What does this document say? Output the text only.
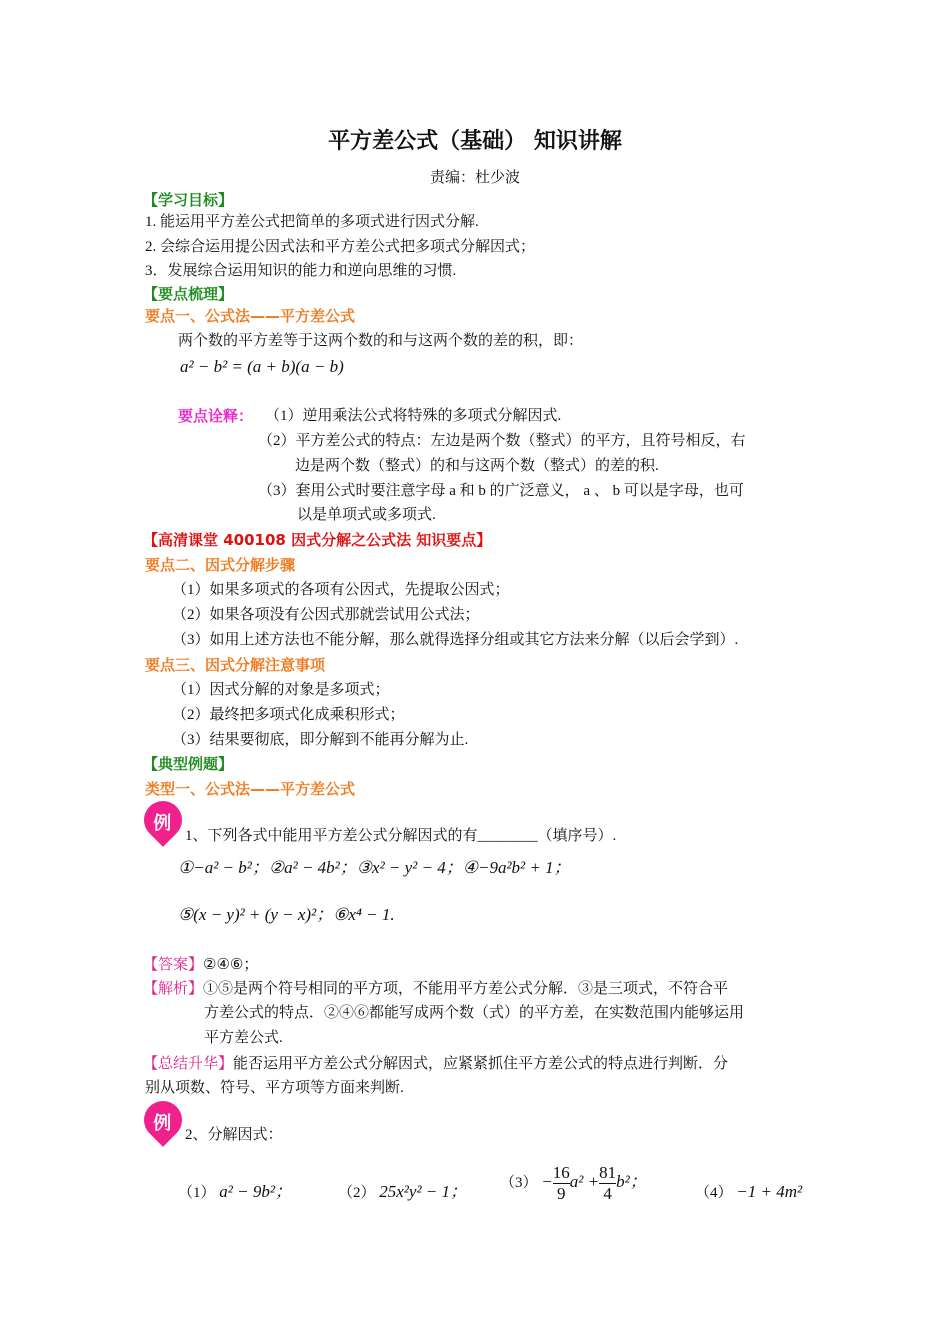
平方差公式（基础） 知识讲解
责编：杜少波
【学习目标】
1. 能运用平方差公式把简单的多项式进行因式分解.
2. 会综合运用提公因式法和平方差公式把多项式分解因式；
3．发展综合运用知识的能力和逆向思维的习惯.
【要点梳理】
要点一、公式法——平方差公式
两个数的平方差等于这两个数的和与这两个数的差的积，即：
a² − b² = (a + b)(a − b)
要点诠释： （1）逆用乘法公式将特殊的多项式分解因式.
（2）平方差公式的特点：左边是两个数（整式）的平方，且符号相反，右
边是两个数（整式）的和与这两个数（整式）的差的积.
（3）套用公式时要注意字母 a 和 b 的广泛意义， a 、 b 可以是字母，也可
以是单项式或多项式.
【高清课堂 400108 因式分解之公式法 知识要点】
要点二、因式分解步骤
（1）如果多项式的各项有公因式，先提取公因式；
（2）如果各项没有公因式那就尝试用公式法；
（3）如用上述方法也不能分解，那么就得选择分组或其它方法来分解（以后会学到）.
要点三、因式分解注意事项
（1）因式分解的对象是多项式；
（2）最终把多项式化成乘积形式；
（3）结果要彻底，即分解到不能再分解为止.
【典型例题】
类型一、公式法——平方差公式
例
1、下列各式中能用平方差公式分解因式的有________（填序号）.
①−a² − b²；②a² − 4b²；③x² − y² − 4；④−9a²b² + 1；
⑤(x − y)² + (y − x)²；⑥x⁴ − 1.
【答案】②④⑥；
【解析】①⑤是两个符号相同的平方项，不能用平方差公式分解．③是三项式，不符合平
方差公式的特点．②④⑥都能写成两个数（式）的平方差，在实数范围内能够运用
平方差公式.
【总结升华】能否运用平方差公式分解因式，应紧紧抓住平方差公式的特点进行判断．分
别从项数、符号、平方项等方面来判断.
例
2、分解因式：
（1） a² − 9b²；	（2） 25x²y² − 1； $(3) - \frac{16}{9} a^2 + \frac{81}{4} b^2$；
（4） −1 + 4m²
